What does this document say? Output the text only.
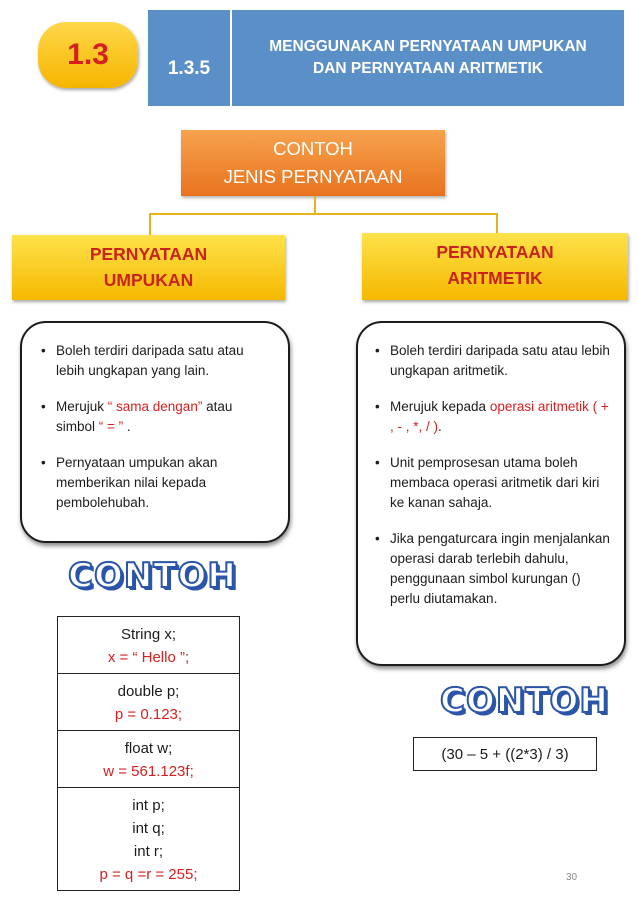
1.3	1.3.5
MENGGUNAKAN PERNYATAAN UMPUKAN
DAN PERNYATAAN ARITMETIK
CONTOH
JENIS PERNYATAAN
PERNYATAAN
UMPUKAN
PERNYATAAN
ARITMETIK
• Boleh terdiri daripada satu atau lebih ungkapan yang lain.
• Merujuk “ sama dengan” atau simbol “ = ” .
• Pernyataan umpukan akan memberikan nilai kepada pembolehubah.
• Boleh terdiri daripada satu atau lebih ungkapan aritmetik.
• Merujuk kepada operasi aritmetik ( + , - , *, / ).
• Unit pemprosesan utama boleh membaca operasi aritmetik dari kiri ke kanan sahaja.
• Jika pengaturcara ingin menjalankan operasi darab terlebih dahulu, penggunaan simbol kurungan () perlu diutamakan.
CONTOH
CONTOH
String x;
x = “ Hello ”;

double p;
p = 0.123;

float w;
w = 561.123f;

int p;
int q;
int r;
p = q =r = 255;
(30 – 5 + ((2*3) / 3)
30
